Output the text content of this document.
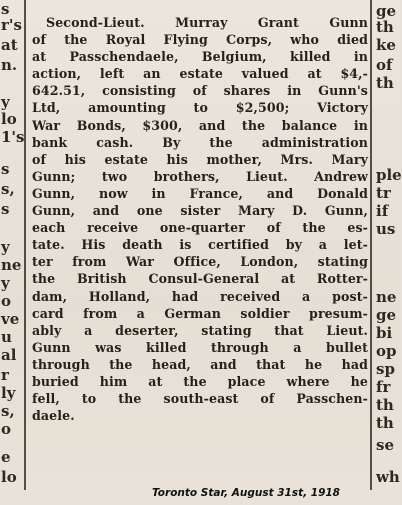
s
r's
at
n.
y
lo
1's
s
s,
s
y
ne
y
o
ve
u
al
r
ly
s,
o
e
lo
Second-Lieut. Murray Grant Gunn
of the Royal Flying Corps, who died
at Passchendaele, Belgium, killed in
action, left an estate valued at $4,-
642.51, consisting of shares in Gunn's
Ltd, amounting to $2,500; Victory
War Bonds, $300, and the balance in
bank cash. By the administration
of his estate his mother, Mrs. Mary
Gunn; two brothers, Lieut. Andrew
Gunn, now in France, and Donald
Gunn, and one sister Mary D. Gunn,
each receive one-quarter of the es-
tate. His death is certified by a let-
ter from War Office, London, stating
the British Consul-General at Rotter-
dam, Holland, had received a post-
card from a German soldier presum-
ably a deserter, stating that Lieut.
Gunn was killed through a bullet
through the head, and that he had
buried him at the place where he
fell, to the south-east of Passchen-
daele.
ge
th
ke
of
th
ple
tr
if
us
ne
ge
bi
op
sp
fr
th
th
se
wh
Toronto Star, August 31st, 1918
